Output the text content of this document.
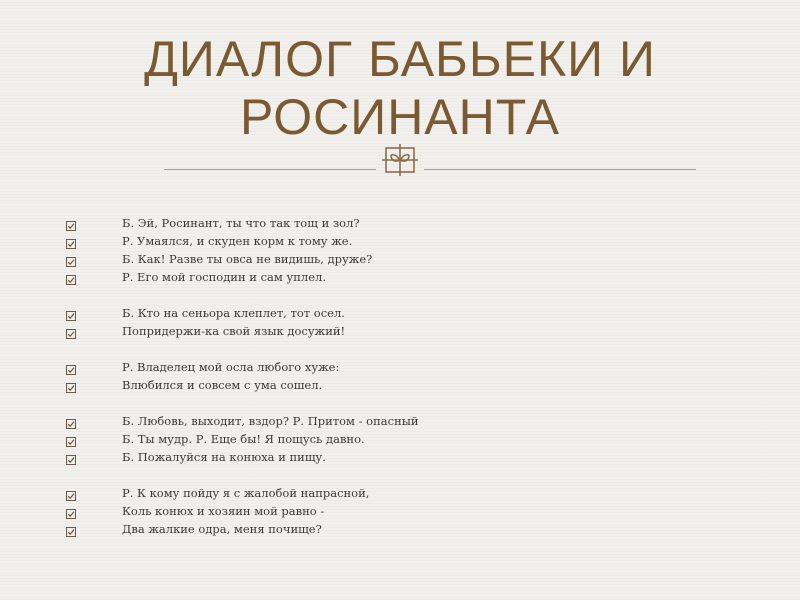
ДИАЛОГ БАБЬЕКИ И
РОСИНАНТА
Б. Эй, Росинант, ты что так тощ и зол?
Р. Умаялся, и скуден корм к тому же.
Б. Как! Разве ты овса не видишь, друже?
Р. Его мой господин и сам уплел.
Б. Кто на сеньора клеплет, тот осел.
Попридержи-ка свой язык досужий!
Р. Владелец мой осла любого хуже:
Влюбился и совсем с ума сошел.
Б. Любовь, выходит, вздор? Р. Притом - опасный
Б. Ты мудр. Р. Еще бы! Я пощусь давно.
Б. Пожалуйся на конюха и пищу.
Р. К кому пойду я с жалобой напрасной,
Коль конюх и хозяин мой равно -
Два жалкие одра, меня почище?
